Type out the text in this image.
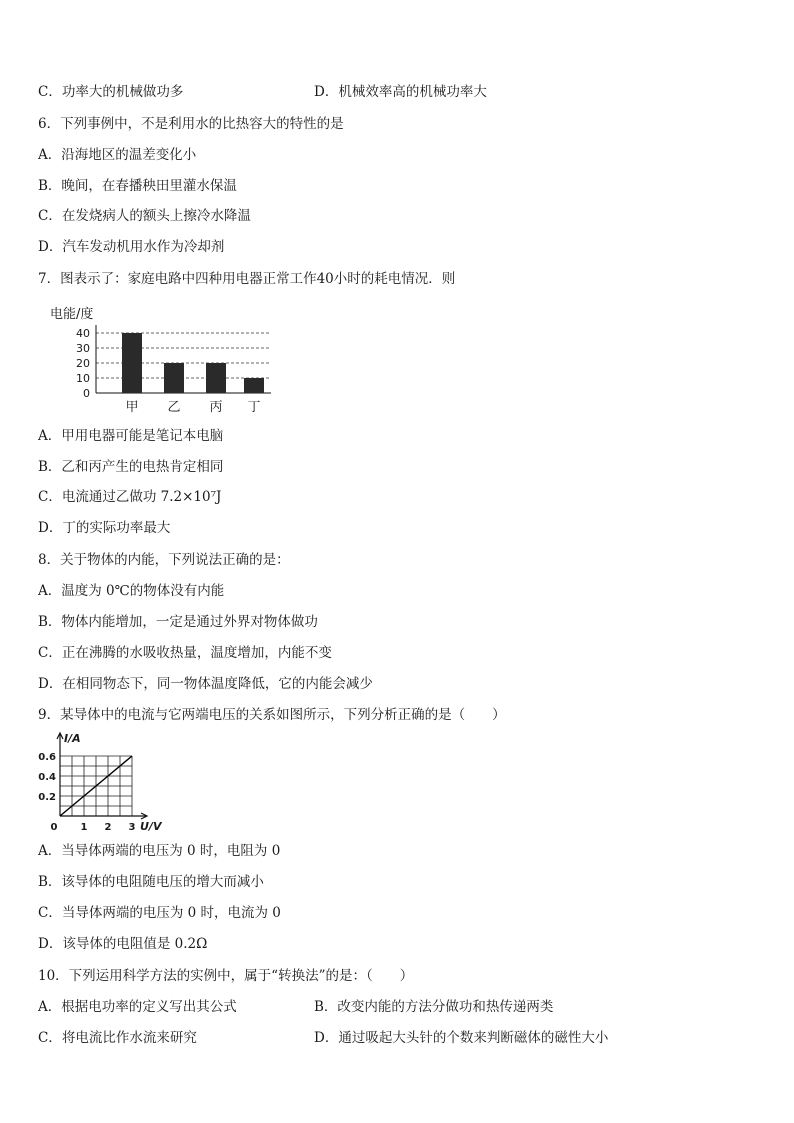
C．功率大的机械做功多	D．机械效率高的机械功率大
6．下列事例中，不是利用水的比热容大的特性的是
A．沿海地区的温差变化小
B．晚间，在春播秧田里灌水保温
C．在发烧病人的额头上擦冷水降温
D．汽车发动机用水作为冷却剂
7．图表示了：家庭电路中四种用电器正常工作40小时的耗电情况．则
电能/度
0
10
20
30
40
甲 乙 丙 丁
A．甲用电器可能是笔记本电脑
B．乙和丙产生的电热肯定相同
C．电流通过乙做功 7.2×10⁷J
D．丁的实际功率最大
8．关于物体的内能，下列说法正确的是：
A．温度为 0℃的物体没有内能
B．物体内能增加，一定是通过外界对物体做功
C．正在沸腾的水吸收热量，温度增加，内能不变
D．在相同物态下，同一物体温度降低，它的内能会减少
9．某导体中的电流与它两端电压的关系如图所示，下列分析正确的是（　　）
I/A
U/V
0.2
0.4
0.6
0 1 2 3
A．当导体两端的电压为 0 时，电阻为 0
B．该导体的电阻随电压的增大而减小
C．当导体两端的电压为 0 时，电流为 0
D．该导体的电阻值是 0.2Ω
10．下列运用科学方法的实例中，属于“转换法”的是：（　　）
A．根据电功率的定义写出其公式	B．改变内能的方法分做功和热传递两类
C．将电流比作水流来研究	D．通过吸起大头针的个数来判断磁体的磁性大小
